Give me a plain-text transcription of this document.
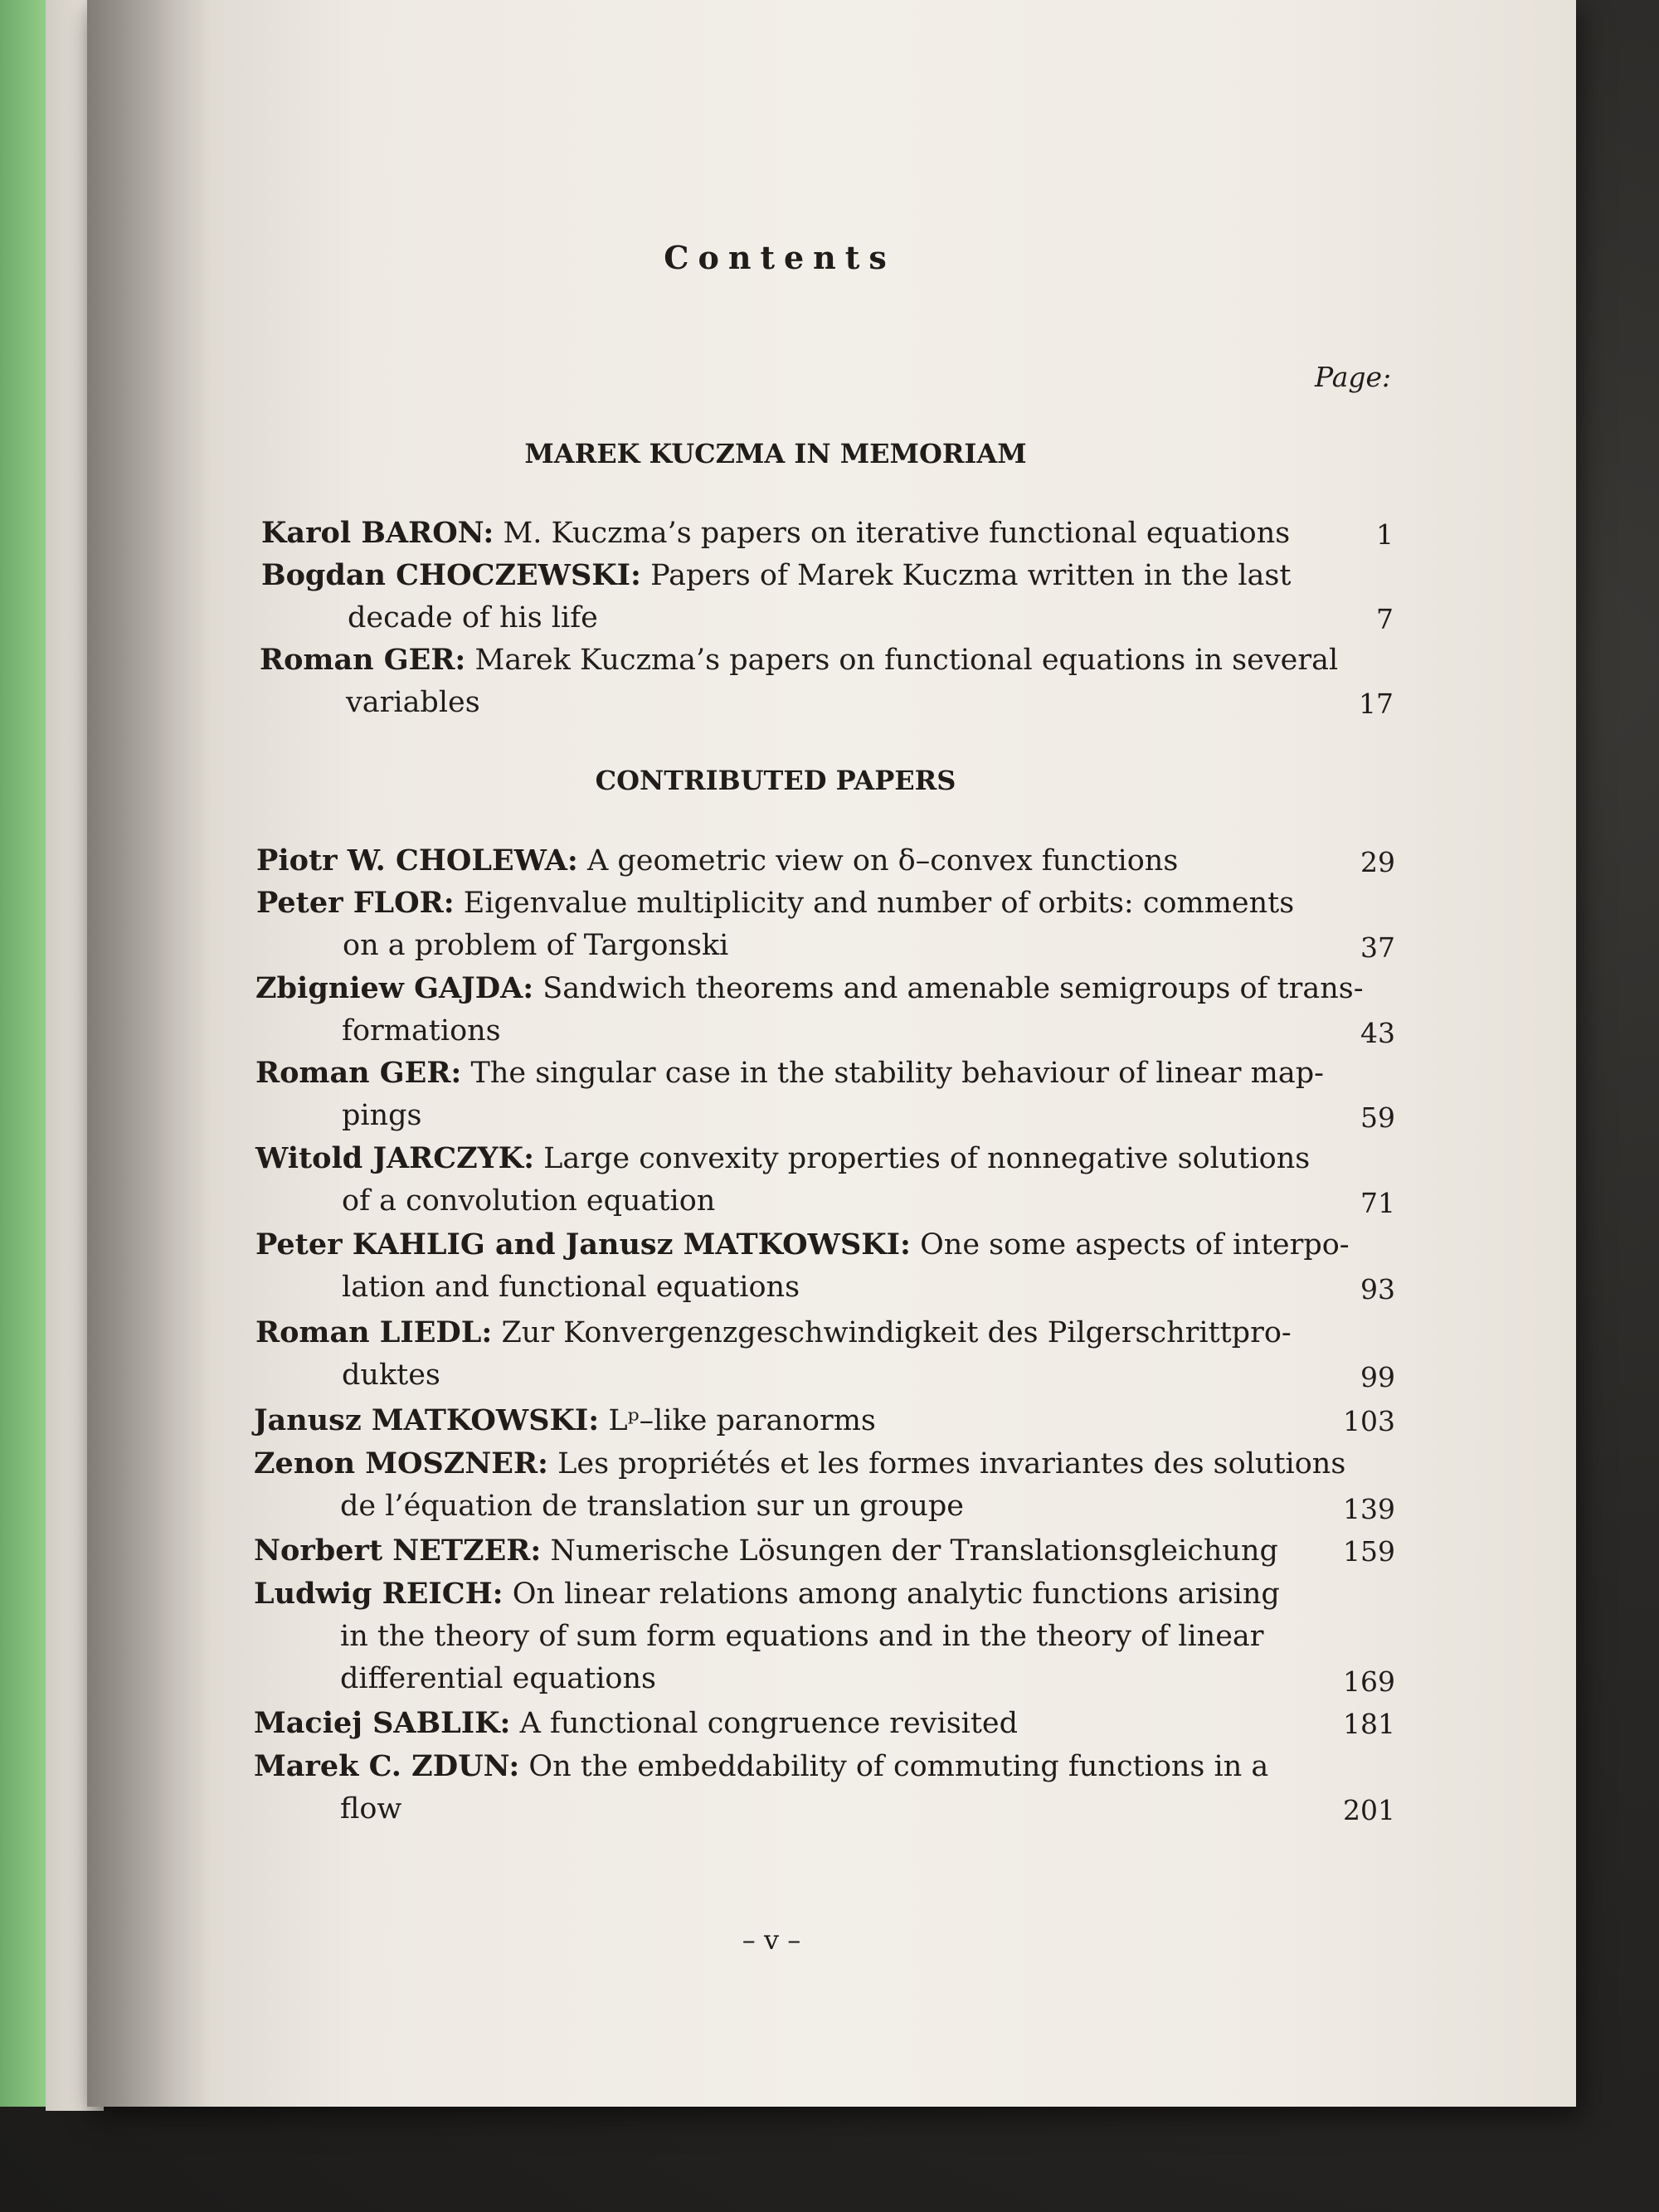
Contents
Page:
MAREK KUCZMA IN MEMORIAM
Karol BARON: M. Kuczma’s papers on iterative functional equations	1
Bogdan CHOCZEWSKI: Papers of Marek Kuczma written in the last
decade of his life	7
Roman GER: Marek Kuczma’s papers on functional equations in several
variables	17
CONTRIBUTED PAPERS
Piotr W. CHOLEWA: A geometric view on δ–convex functions	29
Peter FLOR: Eigenvalue multiplicity and number of orbits: comments
on a problem of Targonski	37
Zbigniew GAJDA: Sandwich theorems and amenable semigroups of trans-
formations	43
Roman GER: The singular case in the stability behaviour of linear map-
pings	59
Witold JARCZYK: Large convexity properties of nonnegative solutions
of a convolution equation	71
Peter KAHLIG and Janusz MATKOWSKI: One some aspects of interpo-
lation and functional equations	93
Roman LIEDL: Zur Konvergenzgeschwindigkeit des Pilgerschrittpro-
duktes	99
Janusz MATKOWSKI: Lᵖ–like paranorms	103
Zenon MOSZNER: Les propriétés et les formes invariantes des solutions
de l’équation de translation sur un groupe	139
Norbert NETZER: Numerische Lösungen der Translationsgleichung	159
Ludwig REICH: On linear relations among analytic functions arising
in the theory of sum form equations and in the theory of linear
differential equations	169
Maciej SABLIK: A functional congruence revisited	181
Marek C. ZDUN: On the embeddability of commuting functions in a
flow	201
– v –
